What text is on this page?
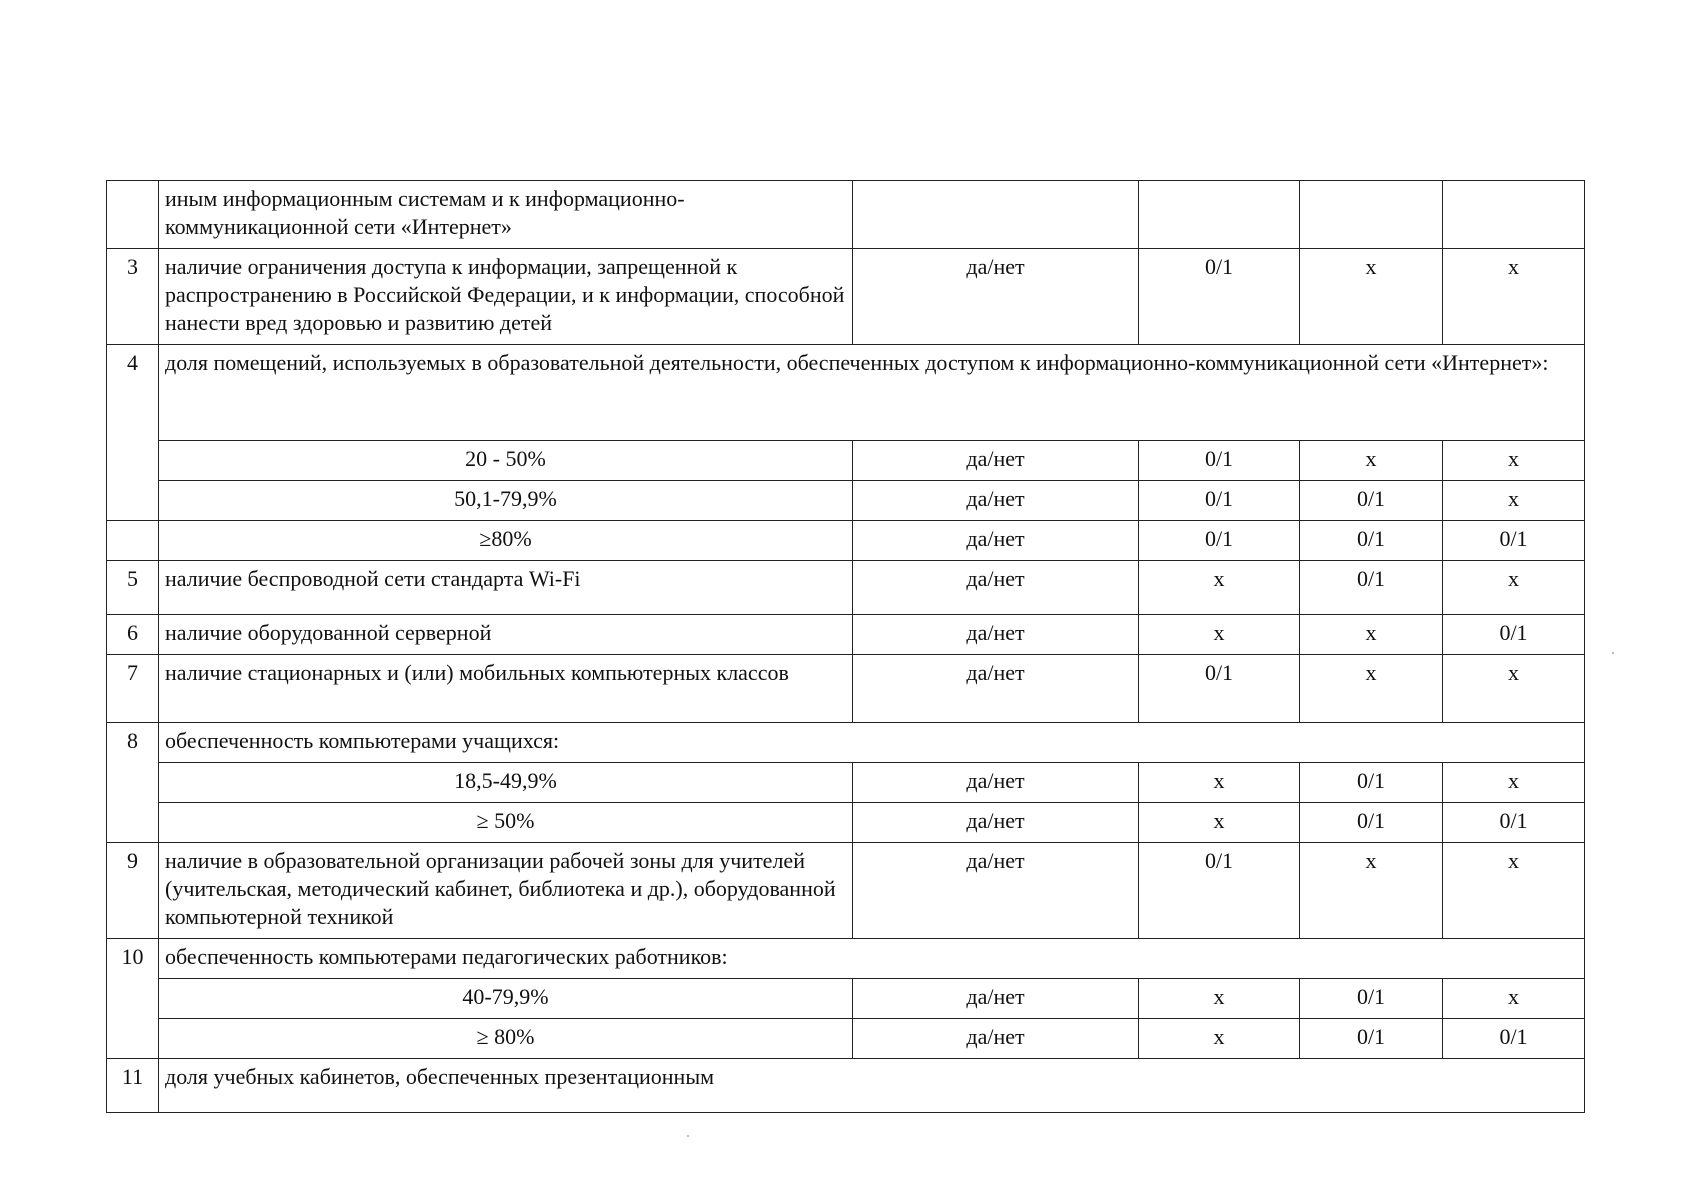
	иным информационным системам и к информационно-коммуникационной сети «Интернет»				
3	наличие ограничения доступа к информации, запрещенной к распространению в Российской Федерации, и к информации, способной нанести вред здоровью и развитию детей	да/нет	0/1	х	х
4	доля помещений, используемых в образовательной деятельности, обеспеченных доступом к информационно-коммуникационной сети «Интернет»:				
	20 - 50%	да/нет	0/1	х	х
	50,1-79,9%	да/нет	0/1	0/1	х
	≥80%	да/нет	0/1	0/1	0/1
5	наличие беспроводной сети стандарта Wi-Fi	да/нет	х	0/1	х
6	наличие оборудованной серверной	да/нет	х	х	0/1
7	наличие стационарных и (или) мобильных компьютерных классов	да/нет	0/1	х	х
8	обеспеченность компьютерами учащихся:				
	18,5-49,9%	да/нет	х	0/1	х
	≥ 50%	да/нет	х	0/1	0/1
9	наличие в образовательной организации рабочей зоны для учителей (учительская, методический кабинет, библиотека и др.), оборудованной компьютерной техникой	да/нет	0/1	х	х
10	обеспеченность компьютерами педагогических работников:				
	40-79,9%	да/нет	х	0/1	х
	≥ 80%	да/нет	х	0/1	0/1
11	доля учебных кабинетов, обеспеченных презентационным				
